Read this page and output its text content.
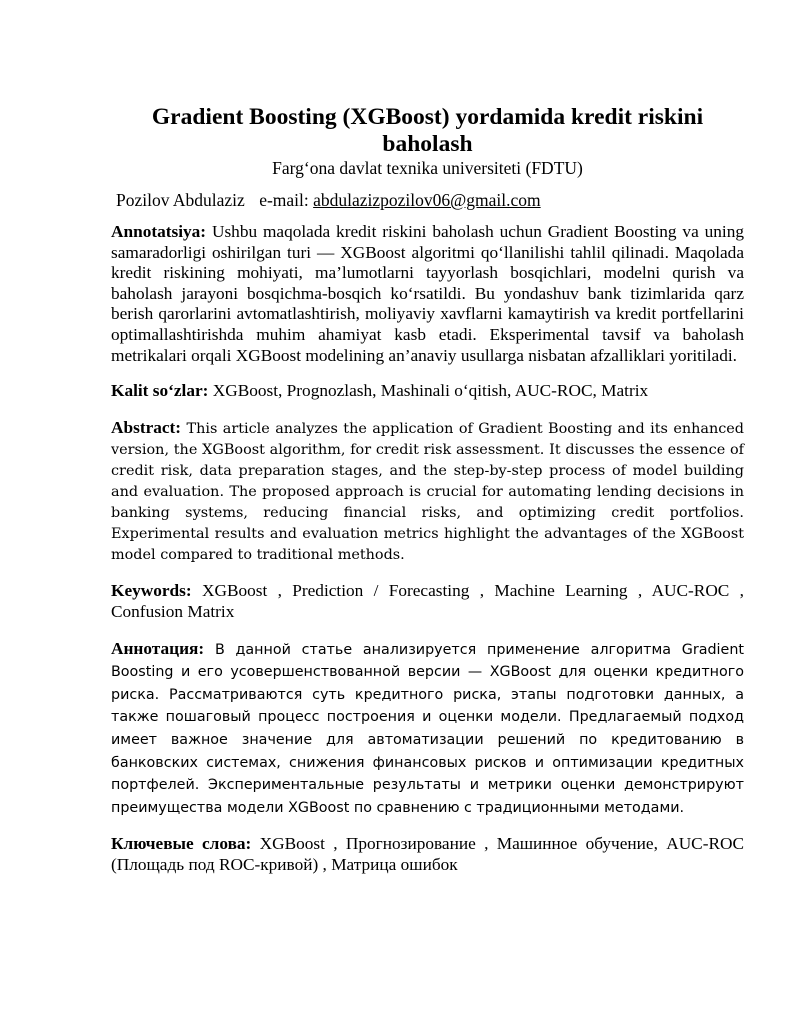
Gradient Boosting (XGBoost) yordamida kredit riskini baholash

Farg‘ona davlat texnika universiteti (FDTU)

Pozilov Abdulaziz e-mail: abdulazizpozilov06@gmail.com

Annotatsiya: Ushbu maqolada kredit riskini baholash uchun Gradient Boosting va uning samaradorligi oshirilgan turi — XGBoost algoritmi qo‘llanilishi tahlil qilinadi. Maqolada kredit riskining mohiyati, ma’lumotlarni tayyorlash bosqichlari, modelni qurish va baholash jarayoni bosqichma-bosqich ko‘rsatildi. Bu yondashuv bank tizimlarida qarz berish qarorlarini avtomatlashtirish, moliyaviy xavflarni kamaytirish va kredit portfellarini optimallashtirishda muhim ahamiyat kasb etadi. Eksperimental tavsif va baholash metrikalari orqali XGBoost modelining an’anaviy usullarga nisbatan afzalliklari yoritiladi.

Kalit so‘zlar: XGBoost, Prognozlash, Mashinali o‘qitish, AUC-ROC, Matrix

Abstract: This article analyzes the application of Gradient Boosting and its enhanced version, the XGBoost algorithm, for credit risk assessment. It discusses the essence of credit risk, data preparation stages, and the step-by-step process of model building and evaluation. The proposed approach is crucial for automating lending decisions in banking systems, reducing financial risks, and optimizing credit portfolios. Experimental results and evaluation metrics highlight the advantages of the XGBoost model compared to traditional methods.

Keywords: XGBoost , Prediction / Forecasting , Machine Learning , AUC-ROC , Confusion Matrix

Аннотация: В данной статье анализируется применение алгоритма Gradient Boosting и его усовершенствованной версии — XGBoost для оценки кредитного риска. Рассматриваются суть кредитного риска, этапы подготовки данных, а также пошаговый процесс построения и оценки модели. Предлагаемый подход имеет важное значение для автоматизации решений по кредитованию в банковских системах, снижения финансовых рисков и оптимизации кредитных портфелей. Экспериментальные результаты и метрики оценки демонстрируют преимущества модели XGBoost по сравнению с традиционными методами.

Ключевые слова: XGBoost , Прогнозирование , Машинное обучение, AUC-ROC (Площадь под ROC-кривой) , Матрица ошибок
